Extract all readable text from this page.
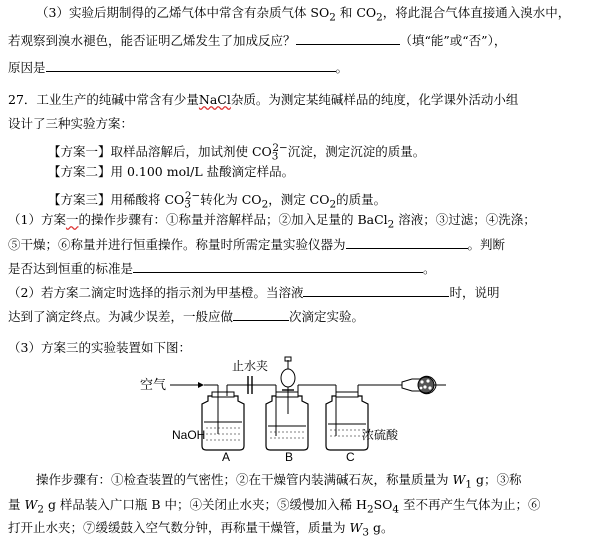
（3）实验后期制得的乙烯气体中常含有杂质气体 $SO_2$ 和 $CO_2$，将此混合气体直接通入溴水中，
若观察到溴水褪色，能否证明乙烯发生了加成反应？	（填“能”或“否”），
原因是	。
27．工业生产的纯碱中常含有少量NaCl杂质。为测定某纯碱样品的纯度，化学课外活动小组
设计了三种实验方案：
【方案一】取样品溶解后，加试剂使 $CO_3^{2-}$沉淀，测定沉淀的质量。
【方案二】用 0.100 mol/L 盐酸滴定样品。
【方案三】用稀酸将 $CO_3^{2-}$转化为 $CO_2$，测定 $CO_2$的质量。
（1）方案一的操作步骤有：①称量并溶解样品；②加入足量的 BaCl$_2$ 溶液；③过滤；④洗涤；
⑤干燥；⑥称量并进行恒重操作。称量时所需定量实验仪器为	。判断
是否达到恒重的标准是	。
（2）若方案二滴定时选择的指示剂为甲基橙。当溶液	时，说明
达到了滴定终点。为减少误差，一般应做	次滴定实验。
（3）方案三的实验装置如下图：
空气
止水夹
NaOH	浓硫酸
A	B	C
操作步骤有：①检查装置的气密性；②在干燥管内装满碱石灰，称量质量为 $W_1$ g；③称
量 $W_2$ g 样品装入广口瓶 B 中；④关闭止水夹；⑤缓慢加入稀 $H_2SO_4$ 至不再产生气体为止；⑥
打开止水夹；⑦缓缓鼓入空气数分钟，再称量干燥管，质量为 $W_3$ g。
